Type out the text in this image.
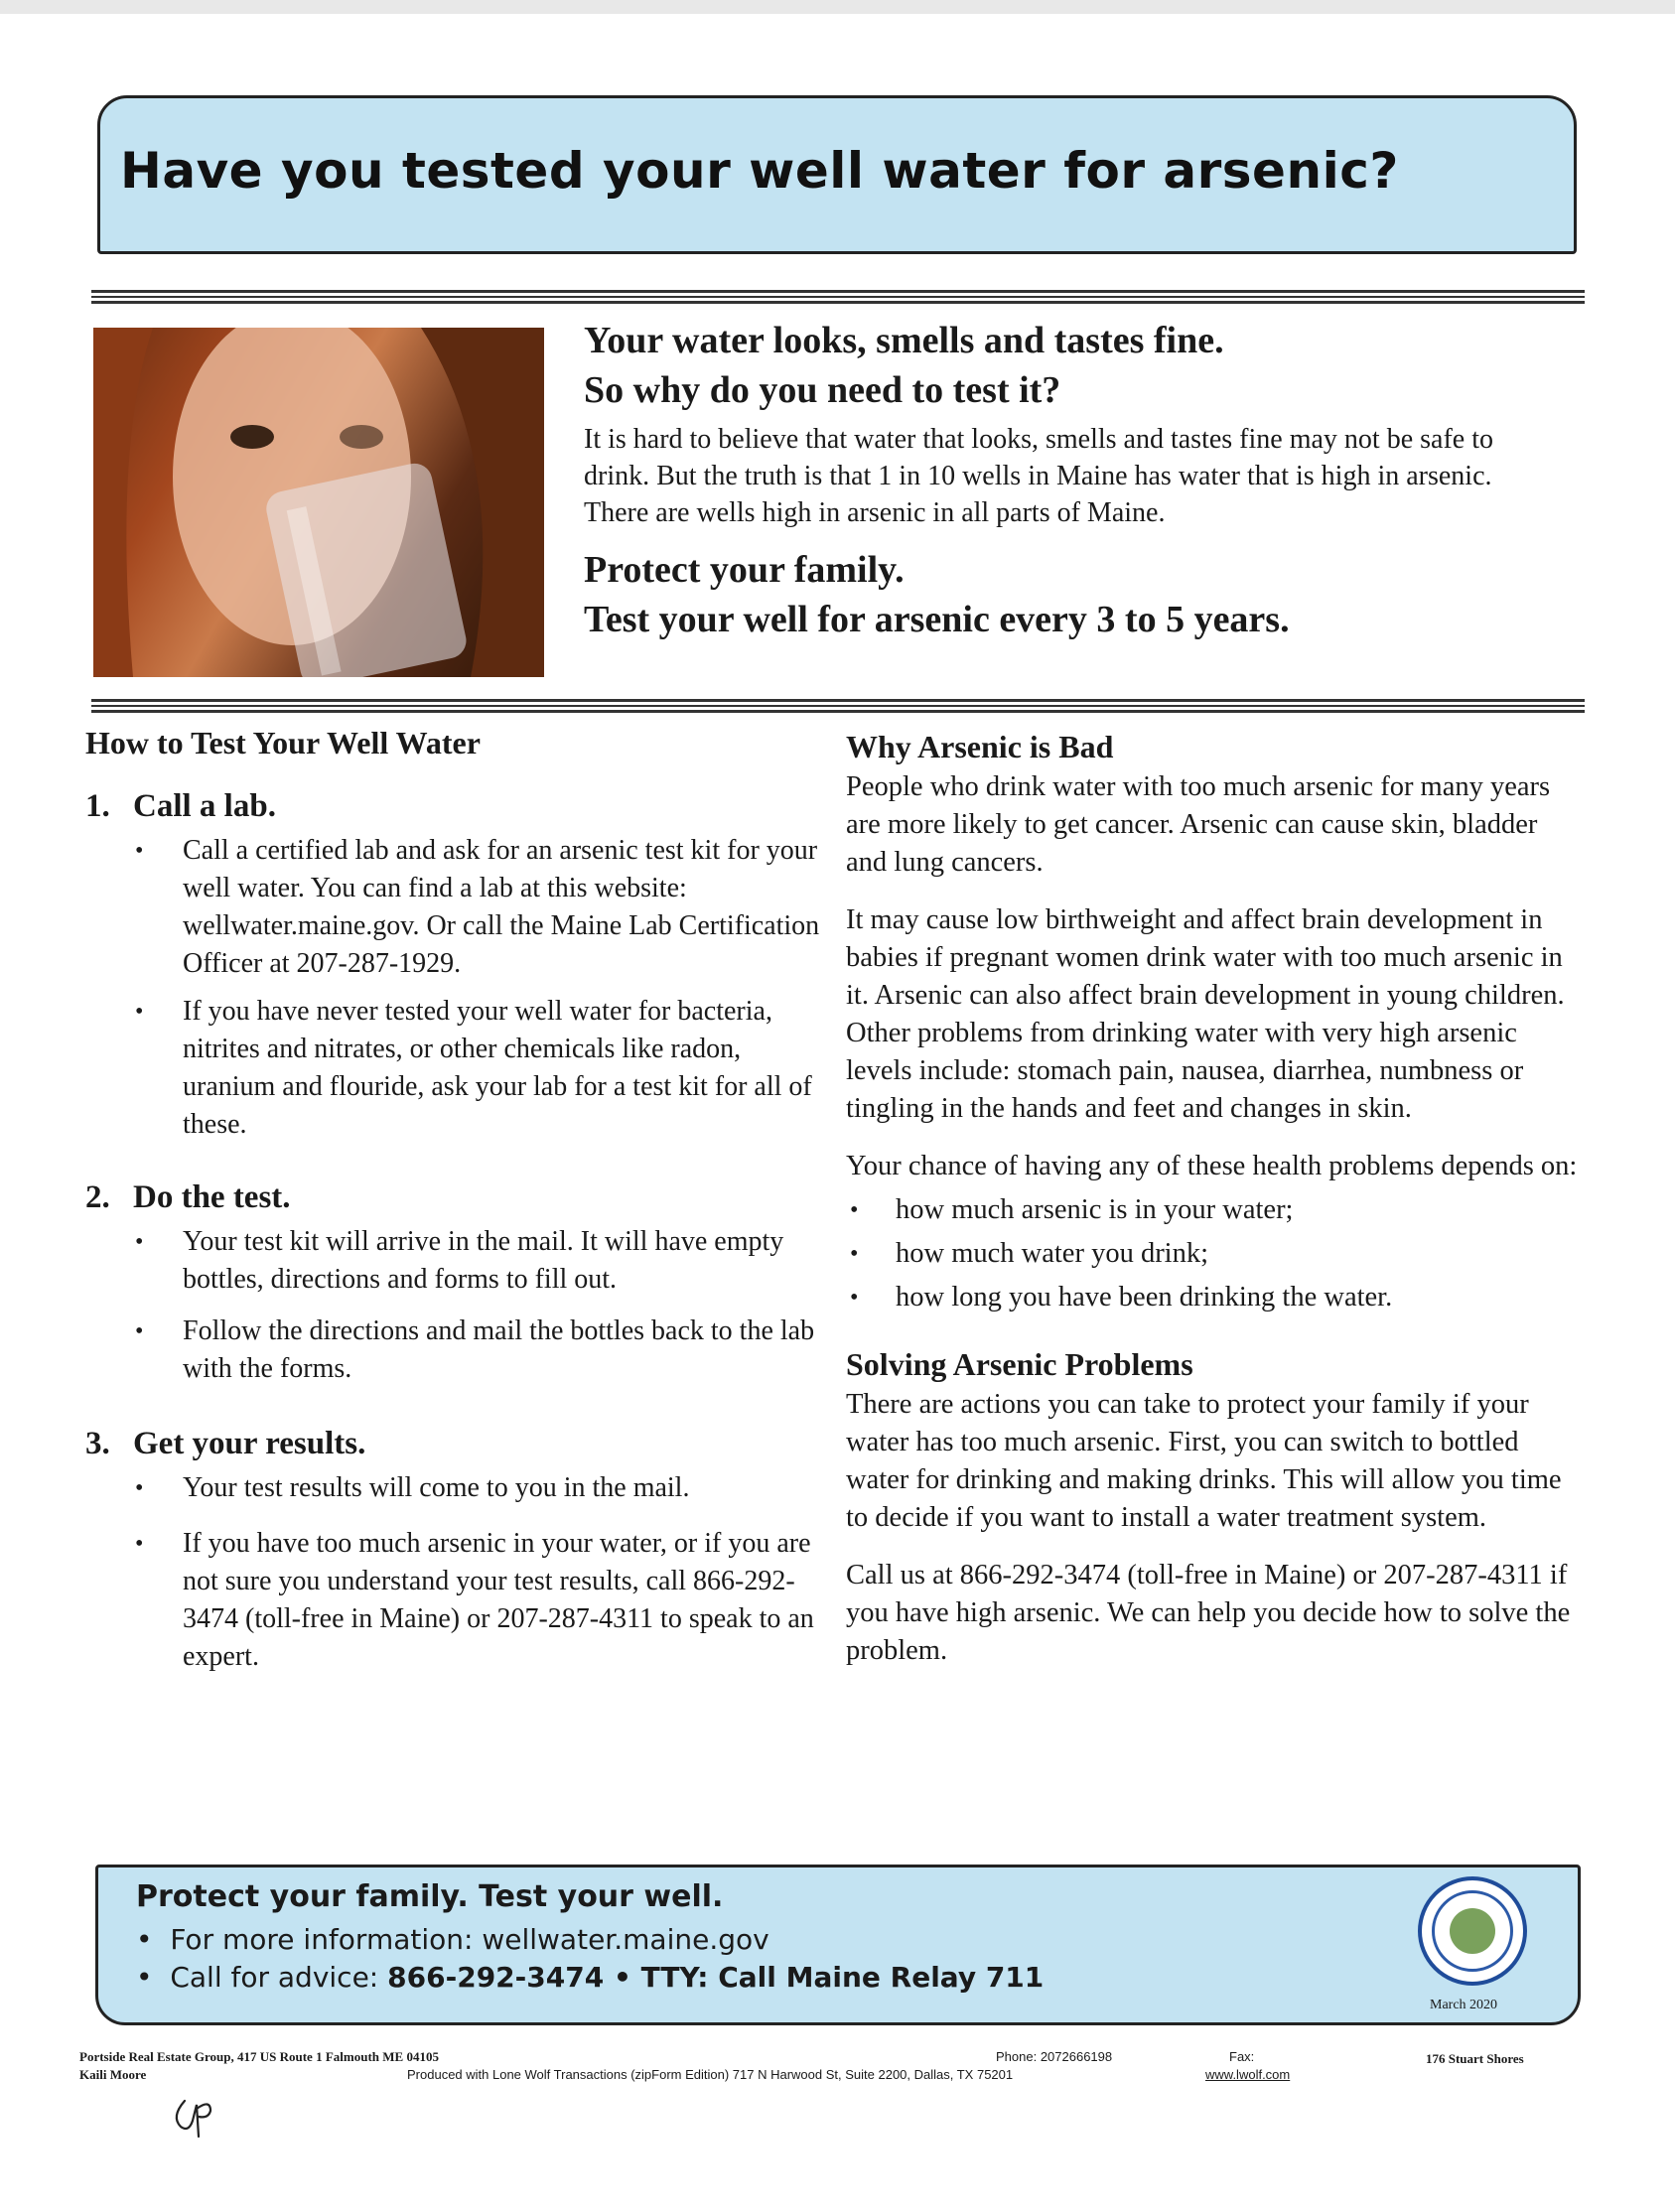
Have you tested your well water for arsenic?
Your water looks, smells and tastes fine.
So why do you need to test it?

It is hard to believe that water that looks, smells and tastes fine may not be safe to drink. But the truth is that 1 in 10 wells in Maine has water that is high in arsenic. There are wells high in arsenic in all parts of Maine.

Protect your family.
Test your well for arsenic every 3 to 5 years.
How to Test Your Well Water
1. Call a lab.
• Call a certified lab and ask for an arsenic test kit for your well water. You can find a lab at this website: wellwater.maine.gov. Or call the Maine Lab Certification Officer at 207-287-1929.
• If you have never tested your well water for bacteria, nitrites and nitrates, or other chemicals like radon, uranium and flouride, ask your lab for a test kit for all of these.
2. Do the test.
• Your test kit will arrive in the mail. It will have empty bottles, directions and forms to fill out.
• Follow the directions and mail the bottles back to the lab with the forms.
3. Get your results.
• Your test results will come to you in the mail.
• If you have too much arsenic in your water, or if you are not sure you understand your test results, call 866-292-3474 (toll-free in Maine) or 207-287-4311 to speak to an expert.
Why Arsenic is Bad

People who drink water with too much arsenic for many years are more likely to get cancer. Arsenic can cause skin, bladder and lung cancers.

It may cause low birthweight and affect brain development in babies if pregnant women drink water with too much arsenic in it. Arsenic can also affect brain development in young children. Other problems from drinking water with very high arsenic levels include: stomach pain, nausea, diarrhea, numbness or tingling in the hands and feet and changes in skin.

Your chance of having any of these health problems depends on:

• how much arsenic is in your water;
• how much water you drink;
• how long you have been drinking the water.
Solving Arsenic Problems

There are actions you can take to protect your family if your water has too much arsenic. First, you can switch to bottled water for drinking and making drinks. This will allow you time to decide if you want to install a water treatment system.

Call us at 866-292-3474 (toll-free in Maine) or 207-287-4311 if you have high arsenic. We can help you decide how to solve the problem.

Protect your family. Test your well.
• For more information: wellwater.maine.gov
• Call for advice: 866-292-3474 • TTY: Call Maine Relay 711
March 2020
Portside Real Estate Group, 417 US Route 1 Falmouth ME 04105
Kaili Moore
Phone: 2072666198	Fax:	176 Stuart Shores
Produced with Lone Wolf Transactions (zipForm Edition) 717 N Harwood St, Suite 2200, Dallas, TX 75201	www.lwolf.com
